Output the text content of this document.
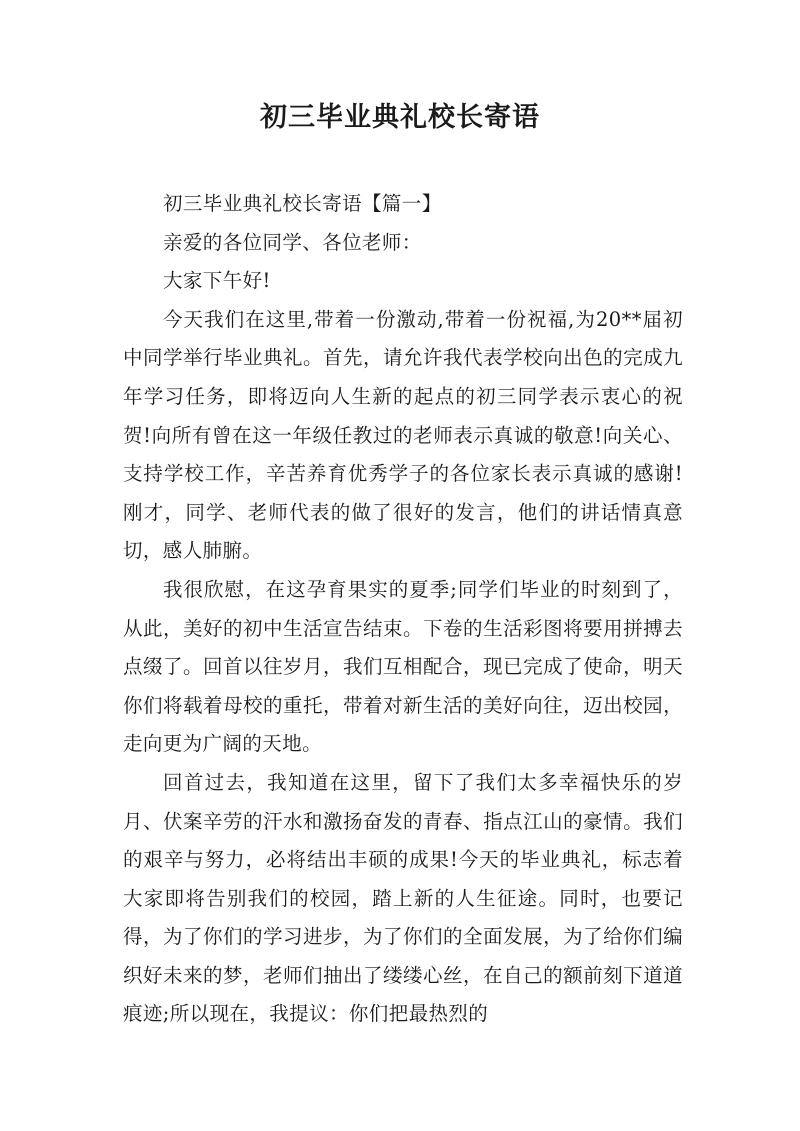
初三毕业典礼校长寄语

初三毕业典礼校长寄语【篇一】

亲爱的各位同学、各位老师：

大家下午好!

今天我们在这里,带着一份激动,带着一份祝福,为20**届初中同学举行毕业典礼。首先，请允许我代表学校向出色的完成九年学习任务，即将迈向人生新的起点的初三同学表示衷心的祝贺!向所有曾在这一年级任教过的老师表示真诚的敬意!向关心、支持学校工作，辛苦养育优秀学子的各位家长表示真诚的感谢! 刚才，同学、老师代表的做了很好的发言，他们的讲话情真意切，感人肺腑。

我很欣慰，在这孕育果实的夏季;同学们毕业的时刻到了，从此，美好的初中生活宣告结束。下卷的生活彩图将要用拼搏去点缀了。回首以往岁月，我们互相配合，现已完成了使命，明天你们将载着母校的重托，带着对新生活的美好向往，迈出校园，走向更为广阔的天地。

回首过去，我知道在这里，留下了我们太多幸福快乐的岁月、伏案辛劳的汗水和激扬奋发的青春、指点江山的豪情。我们的艰辛与努力，必将结出丰硕的成果!今天的毕业典礼，标志着大家即将告别我们的校园，踏上新的人生征途。同时，也要记得，为了你们的学习进步，为了你们的全面发展，为了给你们编织好未来的梦，老师们抽出了缕缕心丝，在自己的额前刻下道道痕迹;所以现在，我提议：你们把最热烈的
